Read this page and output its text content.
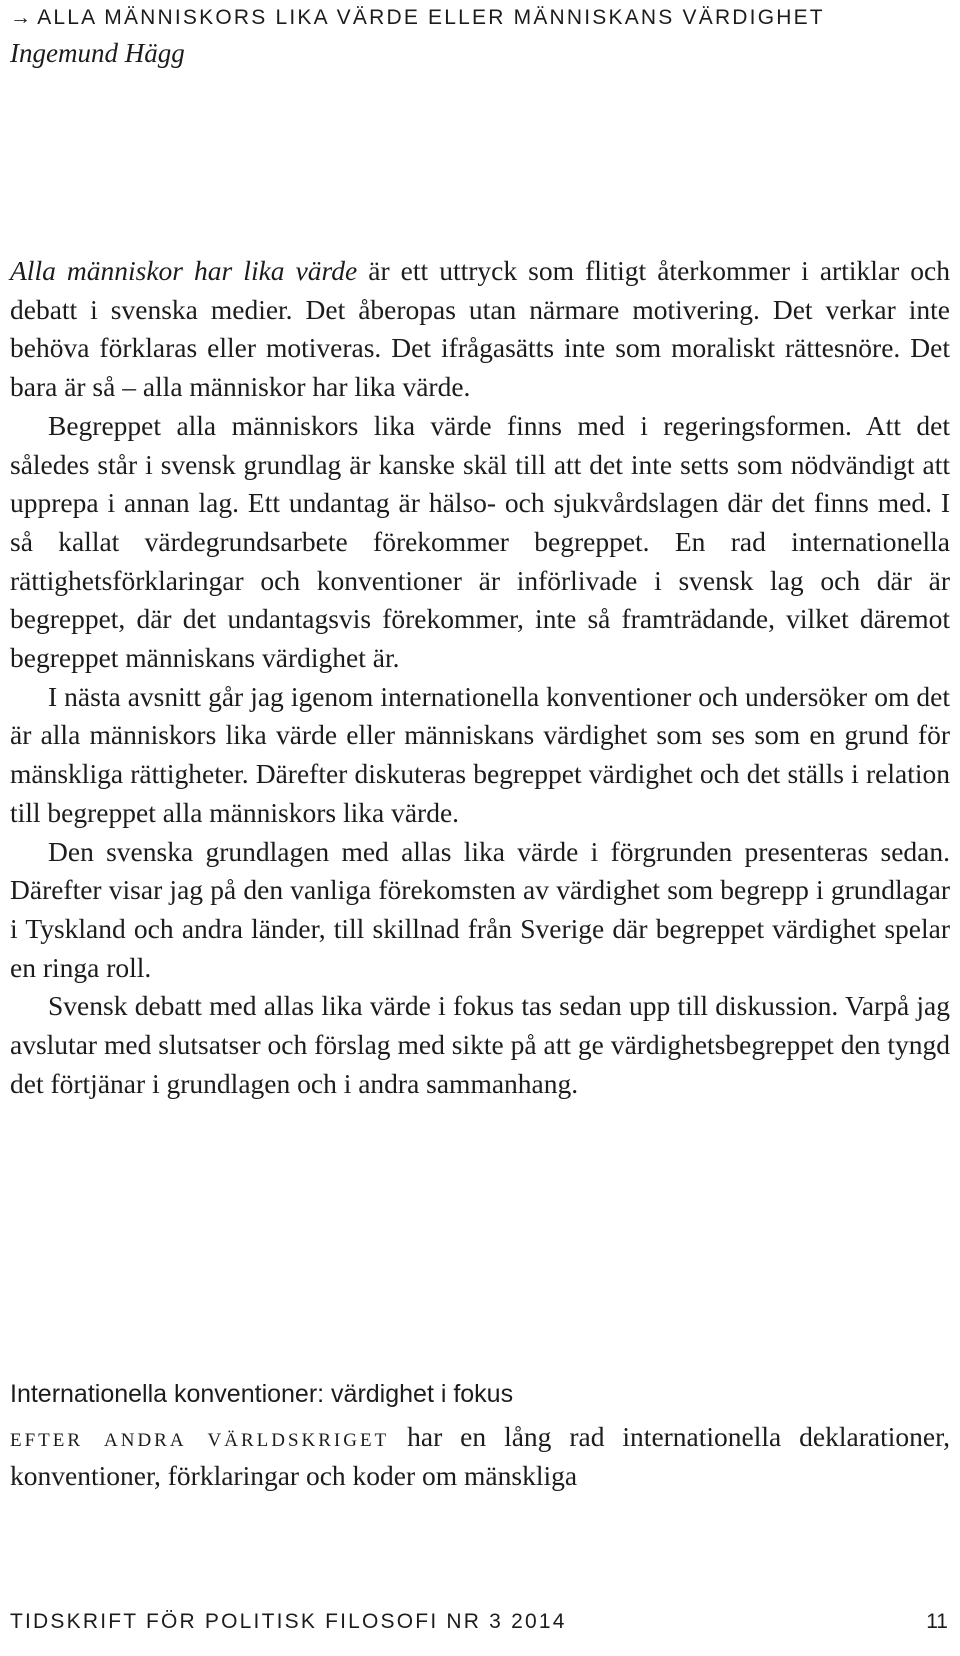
→ ALLA MÄNNISKORS LIKA VÄRDE ELLER MÄNNISKANS VÄRDIGHET
Ingemund Hägg

Alla människor har lika värde är ett uttryck som flitigt återkommer i artiklar och debatt i svenska medier. Det åberopas utan närmare motivering. Det verkar inte behöva förklaras eller motiveras. Det ifrågasätts inte som moraliskt rättesnöre. Det bara är så – alla människor har lika värde.

Begreppet alla människors lika värde finns med i regeringsformen. Att det således står i svensk grundlag är kanske skäl till att det inte setts som nödvändigt att upprepa i annan lag. Ett undantag är hälso- och sjukvårdslagen där det finns med. I så kallat värdegrundsarbete förekommer begreppet. En rad internationella rättighetsförklaringar och konventioner är införlivade i svensk lag och där är begreppet, där det undantagsvis förekommer, inte så framträdande, vilket däremot begreppet människans värdighet är.

I nästa avsnitt går jag igenom internationella konventioner och undersöker om det är alla människors lika värde eller människans värdighet som ses som en grund för mänskliga rättigheter. Därefter diskuteras begreppet värdighet och det ställs i relation till begreppet alla människors lika värde.

Den svenska grundlagen med allas lika värde i förgrunden presenteras sedan. Därefter visar jag på den vanliga förekomsten av värdighet som begrepp i grundlagar i Tyskland och andra länder, till skillnad från Sverige där begreppet värdighet spelar en ringa roll.

Svensk debatt med allas lika värde i fokus tas sedan upp till diskussion. Varpå jag avslutar med slutsatser och förslag med sikte på att ge värdighetsbegreppet den tyngd det förtjänar i grundlagen och i andra sammanhang.

Internationella konventioner: värdighet i fokus

efter andra världskriget har en lång rad internationella deklarationer, konventioner, förklaringar och koder om mänskliga

TIDSKRIFT FÖR POLITISK FILOSOFI NR 3 2014	11
